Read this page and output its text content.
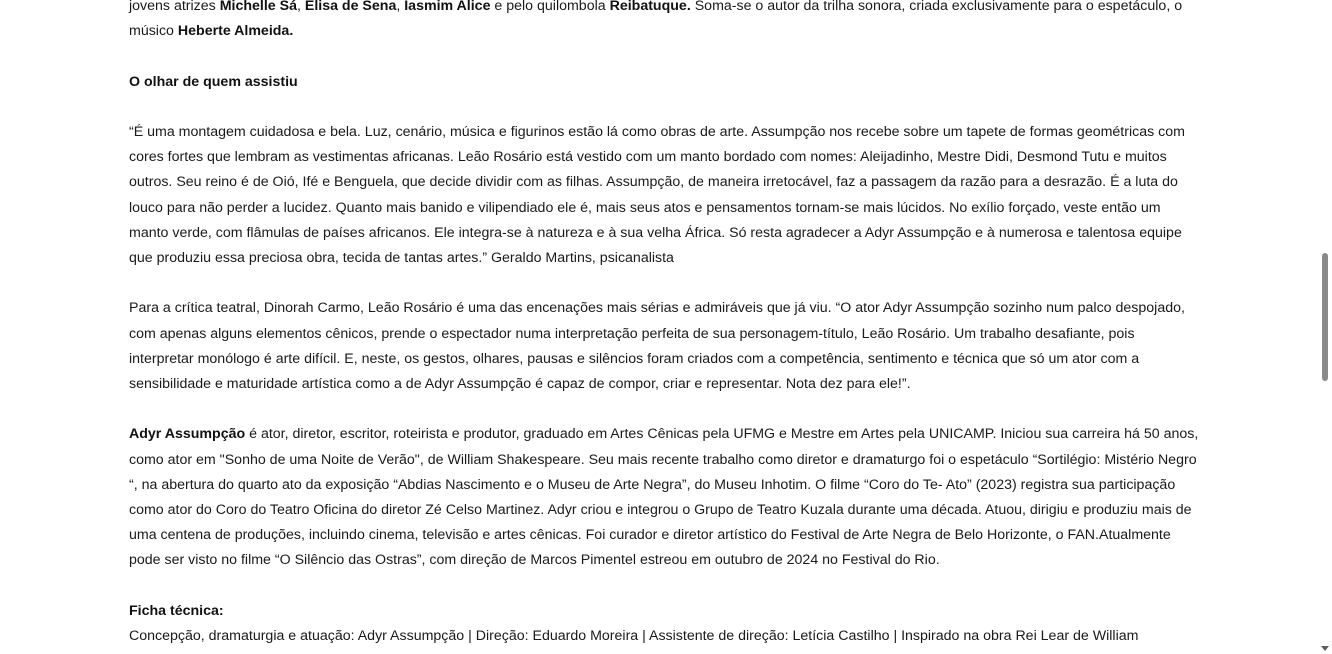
jovens atrizes Michelle Sá, Elisa de Sena, Iasmim Alice e pelo quilombola Reibatuque. Soma-se o autor da trilha sonora, criada exclusivamente para o espetáculo, o músico Heberte Almeida.

O olhar de quem assistiu

“É uma montagem cuidadosa e bela. Luz, cenário, música e figurinos estão lá como obras de arte. Assumpção nos recebe sobre um tapete de formas geométricas com cores fortes que lembram as vestimentas africanas. Leão Rosário está vestido com um manto bordado com nomes: Aleijadinho, Mestre Didi, Desmond Tutu e muitos outros. Seu reino é de Oió, Ifé e Benguela, que decide dividir com as filhas. Assumpção, de maneira irretocável, faz a passagem da razão para a desrazão. É a luta do louco para não perder a lucidez. Quanto mais banido e vilipendiado ele é, mais seus atos e pensamentos tornam-se mais lúcidos. No exílio forçado, veste então um manto verde, com flâmulas de países africanos. Ele integra-se à natureza e à sua velha África. Só resta agradecer a Adyr Assumpção e à numerosa e talentosa equipe que produziu essa preciosa obra, tecida de tantas artes.” Geraldo Martins, psicanalista

Para a crítica teatral, Dinorah Carmo, Leão Rosário é uma das encenações mais sérias e admiráveis que já viu. “O ator Adyr Assumpção sozinho num palco despojado, com apenas alguns elementos cênicos, prende o espectador numa interpretação perfeita de sua personagem-título, Leão Rosário. Um trabalho desafiante, pois interpretar monólogo é arte difícil. E, neste, os gestos, olhares, pausas e silêncios foram criados com a competência, sentimento e técnica que só um ator com a sensibilidade e maturidade artística como a de Adyr Assumpção é capaz de compor, criar e representar. Nota dez para ele!”.

Adyr Assumpção é ator, diretor, escritor, roteirista e produtor, graduado em Artes Cênicas pela UFMG e Mestre em Artes pela UNICAMP. Iniciou sua carreira há 50 anos, como ator em "Sonho de uma Noite de Verão", de William Shakespeare. Seu mais recente trabalho como diretor e dramaturgo foi o espetáculo “Sortilégio: Mistério Negro “, na abertura do quarto ato da exposição “Abdias Nascimento e o Museu de Arte Negra”, do Museu Inhotim. O filme “Coro do Te- Ato” (2023) registra sua participação como ator do Coro do Teatro Oficina do diretor Zé Celso Martinez. Adyr criou e integrou o Grupo de Teatro Kuzala durante uma década. Atuou, dirigiu e produziu mais de uma centena de produções, incluindo cinema, televisão e artes cênicas. Foi curador e diretor artístico do Festival de Arte Negra de Belo Horizonte, o FAN.Atualmente pode ser visto no filme “O Silêncio das Ostras”, com direção de Marcos Pimentel estreou em outubro de 2024 no Festival do Rio.

Ficha técnica:
Concepção, dramaturgia e atuação: Adyr Assumpção | Direção: Eduardo Moreira | Assistente de direção: Letícia Castilho | Inspirado na obra Rei Lear de William
